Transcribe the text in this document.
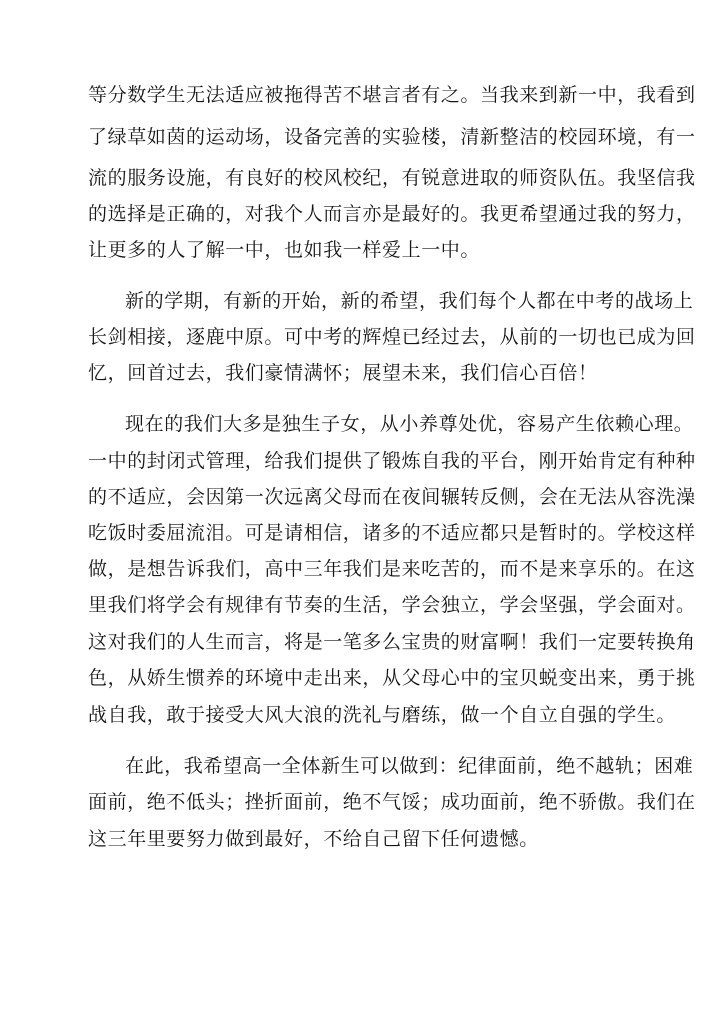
等分数学生无法适应被拖得苦不堪言者有之。当我来到新一中，我看到
了绿草如茵的运动场，设备完善的实验楼，清新整洁的校园环境，有一
流的服务设施，有良好的校风校纪，有锐意进取的师资队伍。我坚信我
的选择是正确的，对我个人而言亦是最好的。我更希望通过我的努力，
让更多的人了解一中，也如我一样爱上一中。
新的学期，有新的开始，新的希望，我们每个人都在中考的战场上
长剑相接，逐鹿中原。可中考的辉煌已经过去，从前的一切也已成为回
忆，回首过去，我们豪情满怀；展望未来，我们信心百倍！
现在的我们大多是独生子女，从小养尊处优，容易产生依赖心理。
一中的封闭式管理，给我们提供了锻炼自我的平台，刚开始肯定有种种
的不适应，会因第一次远离父母而在夜间辗转反侧，会在无法从容洗澡
吃饭时委屈流泪。可是请相信，诸多的不适应都只是暂时的。学校这样
做，是想告诉我们，高中三年我们是来吃苦的，而不是来享乐的。在这
里我们将学会有规律有节奏的生活，学会独立，学会坚强，学会面对。
这对我们的人生而言，将是一笔多么宝贵的财富啊！我们一定要转换角
色，从娇生惯养的环境中走出来，从父母心中的宝贝蜕变出来，勇于挑
战自我，敢于接受大风大浪的洗礼与磨练，做一个自立自强的学生。
在此，我希望高一全体新生可以做到：纪律面前，绝不越轨；困难
面前，绝不低头；挫折面前，绝不气馁；成功面前，绝不骄傲。我们在
这三年里要努力做到最好，不给自己留下任何遗憾。
